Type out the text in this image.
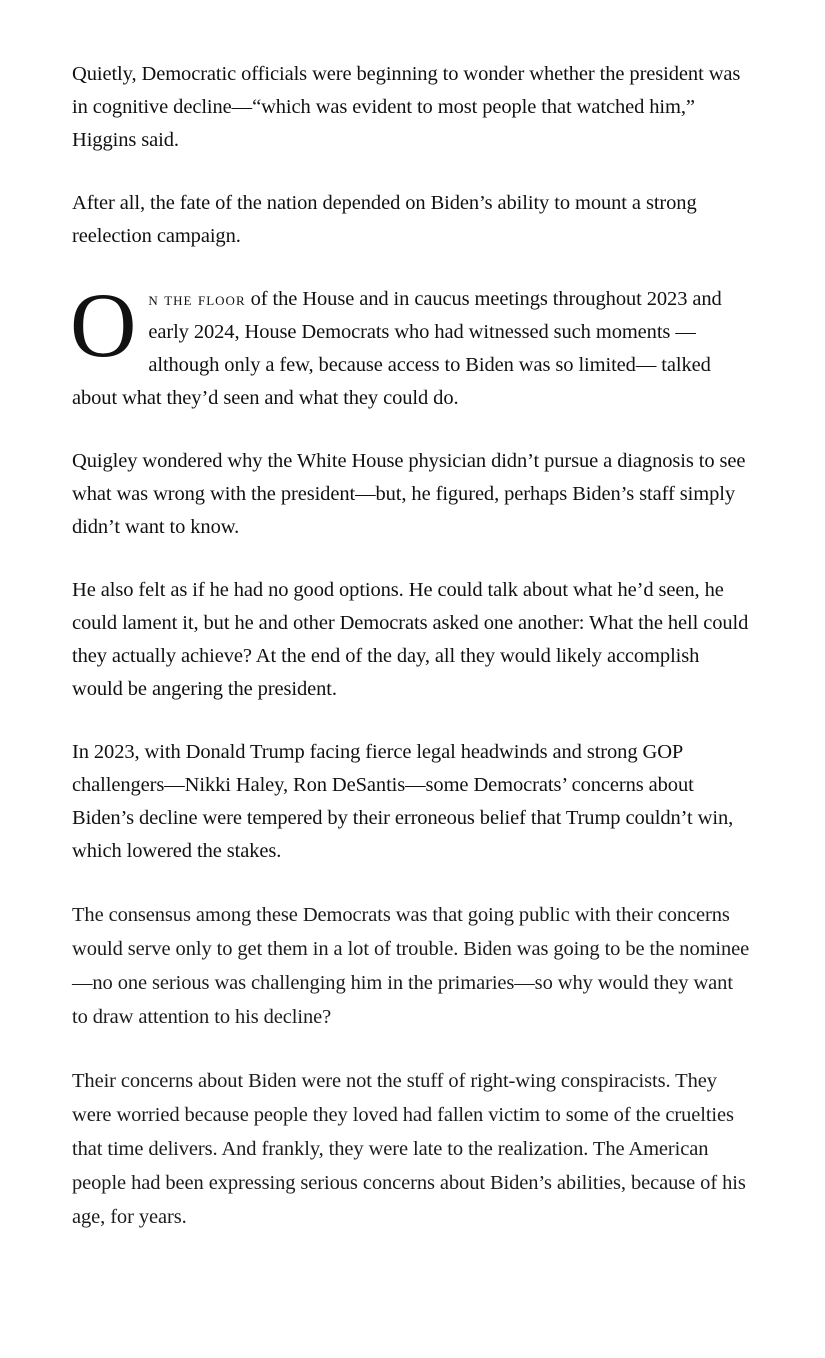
Quietly, Democratic officials were beginning to wonder whether the president was in cognitive decline—“which was evident to most people that watched him,” Higgins said.

After all, the fate of the nation depended on Biden’s ability to mount a strong reelection campaign.

On the floor of the House and in caucus meetings throughout 2023 and early 2024, House Democrats who had witnessed such moments —although only a few, because access to Biden was so limited— talked about what they’d seen and what they could do.

Quigley wondered why the White House physician didn’t pursue a diagnosis to see what was wrong with the president—but, he figured, perhaps Biden’s staff simply didn’t want to know.

He also felt as if he had no good options. He could talk about what he’d seen, he could lament it, but he and other Democrats asked one another: What the hell could they actually achieve? At the end of the day, all they would likely accomplish would be angering the president.

In 2023, with Donald Trump facing fierce legal headwinds and strong GOP challengers—Nikki Haley, Ron DeSantis—some Democrats’ concerns about Biden’s decline were tempered by their erroneous belief that Trump couldn’t win, which lowered the stakes.

The consensus among these Democrats was that going public with their concerns would serve only to get them in a lot of trouble. Biden was going to be the nominee—no one serious was challenging him in the primaries—so why would they want to draw attention to his decline?

Their concerns about Biden were not the stuff of right-wing conspiracists. They were worried because people they loved had fallen victim to some of the cruelties that time delivers. And frankly, they were late to the realization. The American people had been expressing serious concerns about Biden’s abilities, because of his age, for years.
